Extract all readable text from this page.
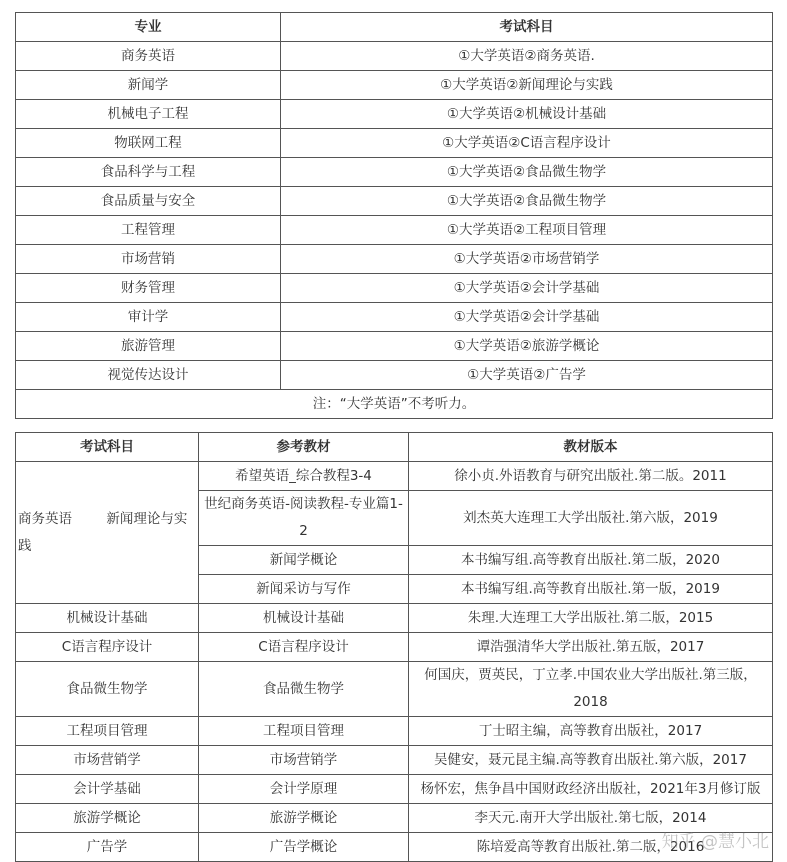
专业	考试科目
商务英语	①大学英语②商务英语.
新闻学	①大学英语②新闻理论与实践
机械电子工程	①大学英语②机械设计基础
物联网工程	①大学英语②C语言程序设计
食品科学与工程	①大学英语②食品微生物学
食品质量与安全	①大学英语②食品微生物学
工程管理	①大学英语②工程项目管理
市场营销	①大学英语②市场营销学
财务管理	①大学英语②会计学基础
审计学	①大学英语②会计学基础
旅游管理	①大学英语②旅游学概论
视觉传达设计	①大学英语②广告学
注：“大学英语”不考听力。	
考试科目	参考教材	教材版本
商务英语        新闻理论与实践	希望英语_综合教程3-4	徐小贞.外语教育与研究出版社.第二版。2011
	世纪商务英语-阅读教程-专业篇1-2	刘杰英大连理工大学出版社.第六版，2019
	新闻学概论	本书编写组.高等教育出版社.第二版，2020
	新闻采访与写作	本书编写组.高等教育出版社.第一版，2019
机械设计基础	机械设计基础	朱理.大连理工大学出版社.第二版，2015
C语言程序设计	C语言程序设计	谭浩强清华大学出版社.第五版，2017
食品微生物学	食品微生物学	何国庆，贾英民，丁立孝.中国农业大学出版社.第三版，2018
工程项目管理	工程项目管理	丁士昭主编，高等教育出版社，2017
市场营销学	市场营销学	吴健安，聂元昆主编.高等教育出版社.第六版，2017
会计学基础	会计学原理	杨怀宏，焦争昌中国财政经济出版社，2021年3月修订版
旅游学概论	旅游学概论	李天元.南开大学出版社.第七版，2014
广告学	广告学概论	陈培爱高等教育出版社.第二版，2016
知乎 @慧小北
